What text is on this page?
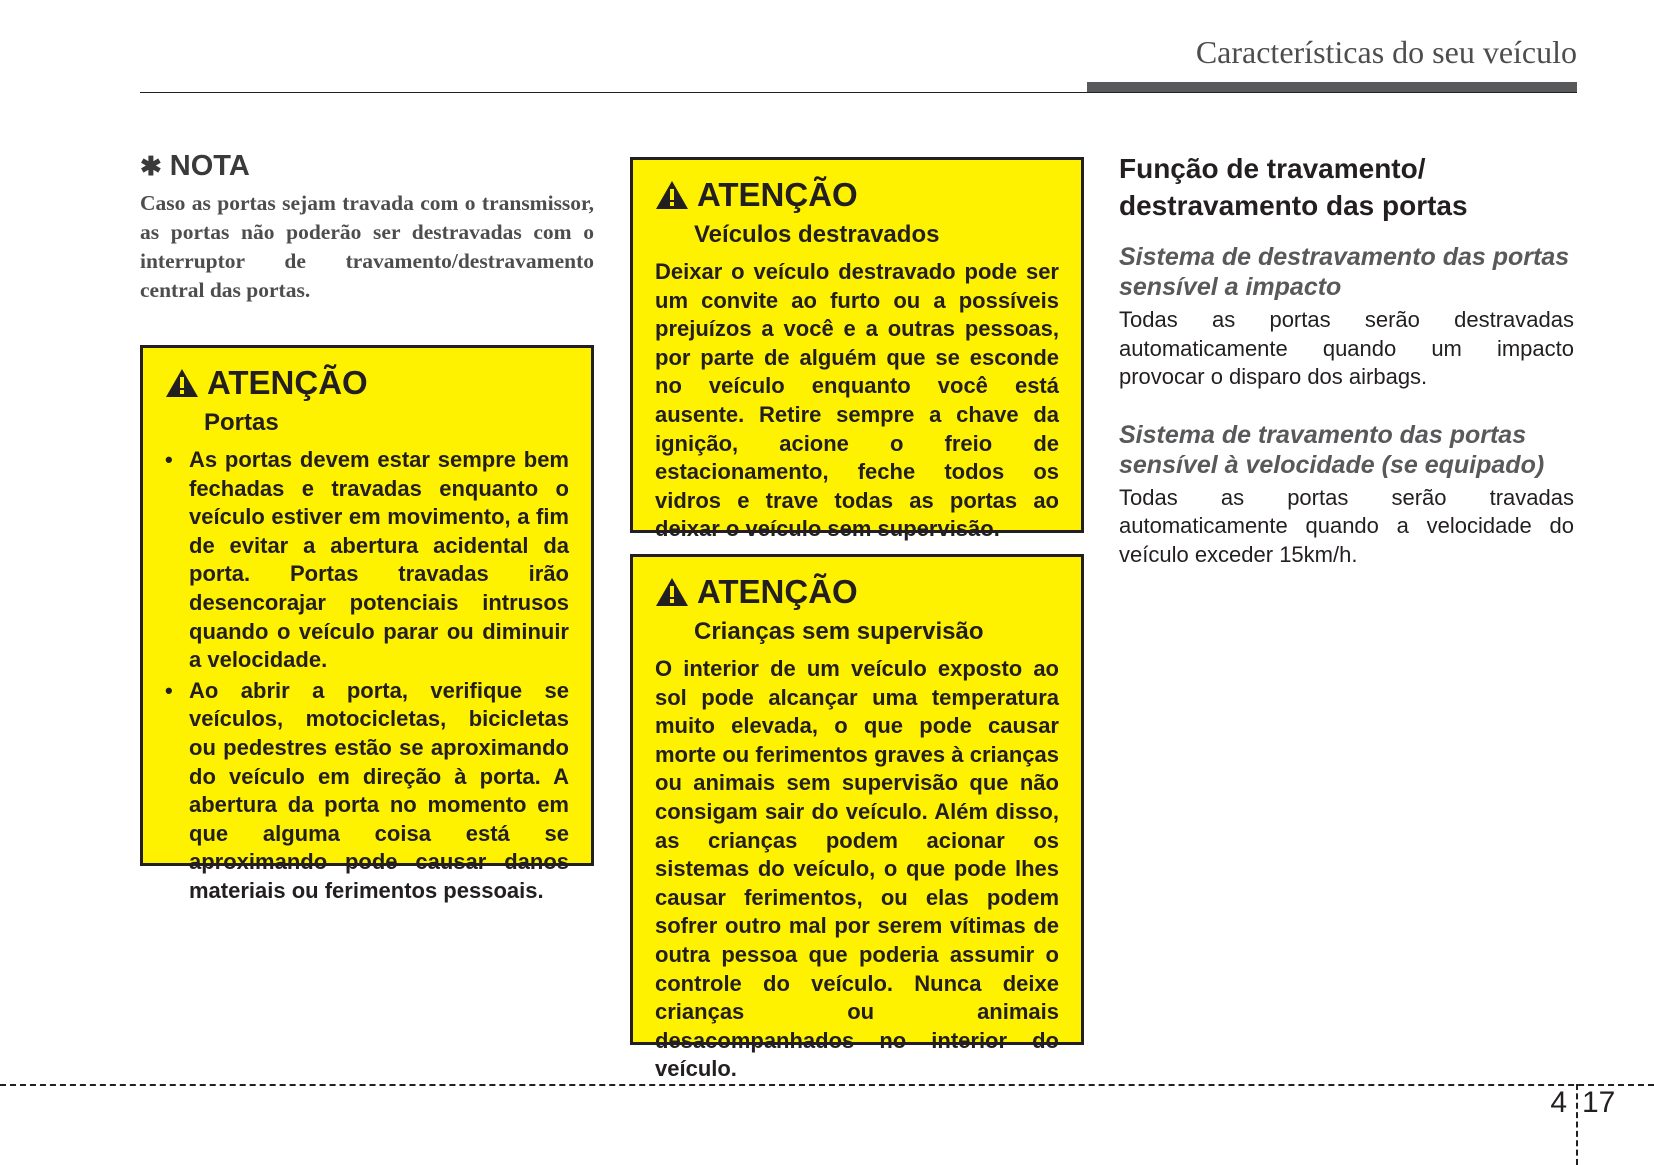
Características do seu veículo
✱ NOTA
Caso as portas sejam travada com o transmissor, as portas não poderão ser destravadas com o interruptor de travamento/destravamento central das portas.
ATENÇÃO
Portas
• As portas devem estar sempre bem fechadas e travadas enquanto o veículo estiver em movimento, a fim de evitar a abertura acidental da porta. Portas travadas irão desencorajar potenciais intrusos quando o veículo parar ou diminuir a velocidade.
• Ao abrir a porta, verifique se veículos, motocicletas, bicicletas ou pedestres estão se aproximando do veículo em direção à porta. A abertura da porta no momento em que alguma coisa está se aproximando pode causar danos materiais ou ferimentos pessoais.
ATENÇÃO
Veículos destravados
Deixar o veículo destravado pode ser um convite ao furto ou a possíveis prejuízos a você e a outras pessoas, por parte de alguém que se esconde no veículo enquanto você está ausente. Retire sempre a chave da ignição, acione o freio de estacionamento, feche todos os vidros e trave todas as portas ao deixar o veículo sem supervisão.
ATENÇÃO
Crianças sem supervisão
O interior de um veículo exposto ao sol pode alcançar uma temperatura muito elevada, o que pode causar morte ou ferimentos graves à crianças ou animais sem supervisão que não consigam sair do veículo. Além disso, as crianças podem acionar os sistemas do veículo, o que pode lhes causar ferimentos, ou elas podem sofrer outro mal por serem vítimas de outra pessoa que poderia assumir o controle do veículo. Nunca deixe crianças ou animais desacompanhados no interior do veículo.
Função de travamento/ destravamento das portas
Sistema de destravamento das portas sensível a impacto
Todas as portas serão destravadas automaticamente quando um impacto provocar o disparo dos airbags.
Sistema de travamento das portas sensível à velocidade (se equipado)
Todas as portas serão travadas automaticamente quando a velocidade do veículo exceder 15km/h.
4 17
